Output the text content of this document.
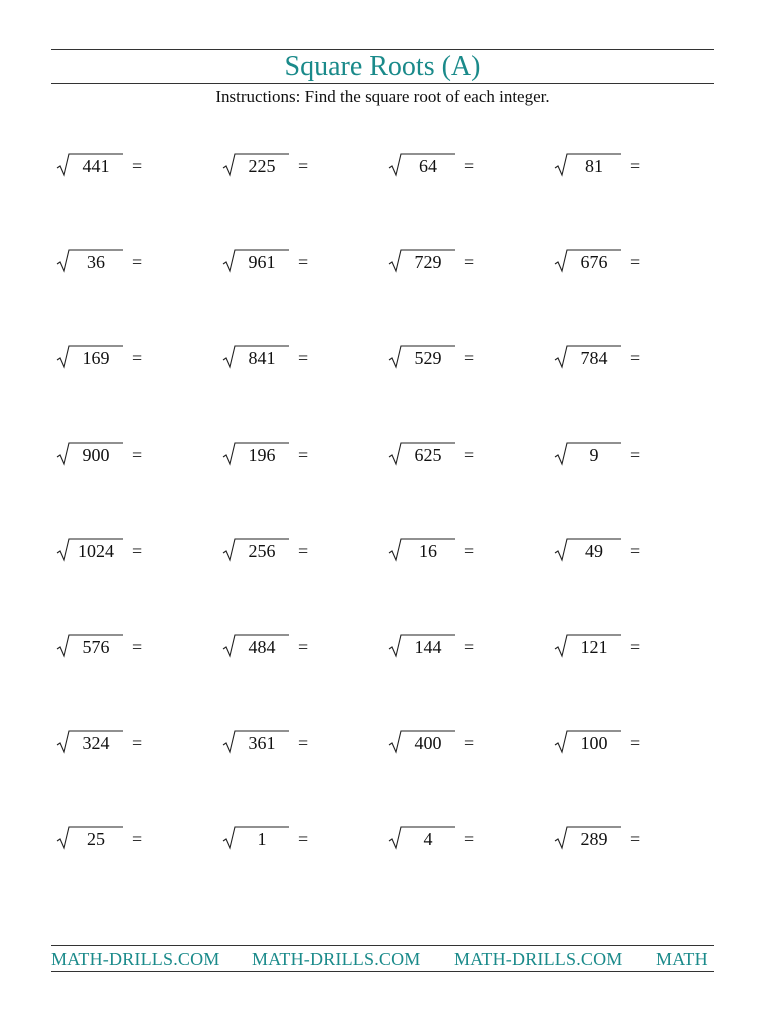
Square Roots (A)
Instructions: Find the square root of each integer.
441	=	225	=	64	=	81	=
36	=	961	=	729	=	676	=
169	=	841	=	529	=	784	=
900	=	196	=	625	=	9	=
1024	=	256	=	16	=	49	=
576	=	484	=	144	=	121	=
324	=	361	=	400	=	100	=
25	=	1	=	4	=	289	=
MATH-DRILLS.COM MATH-DRILLS.COM MATH-DRILLS.COM MATH
